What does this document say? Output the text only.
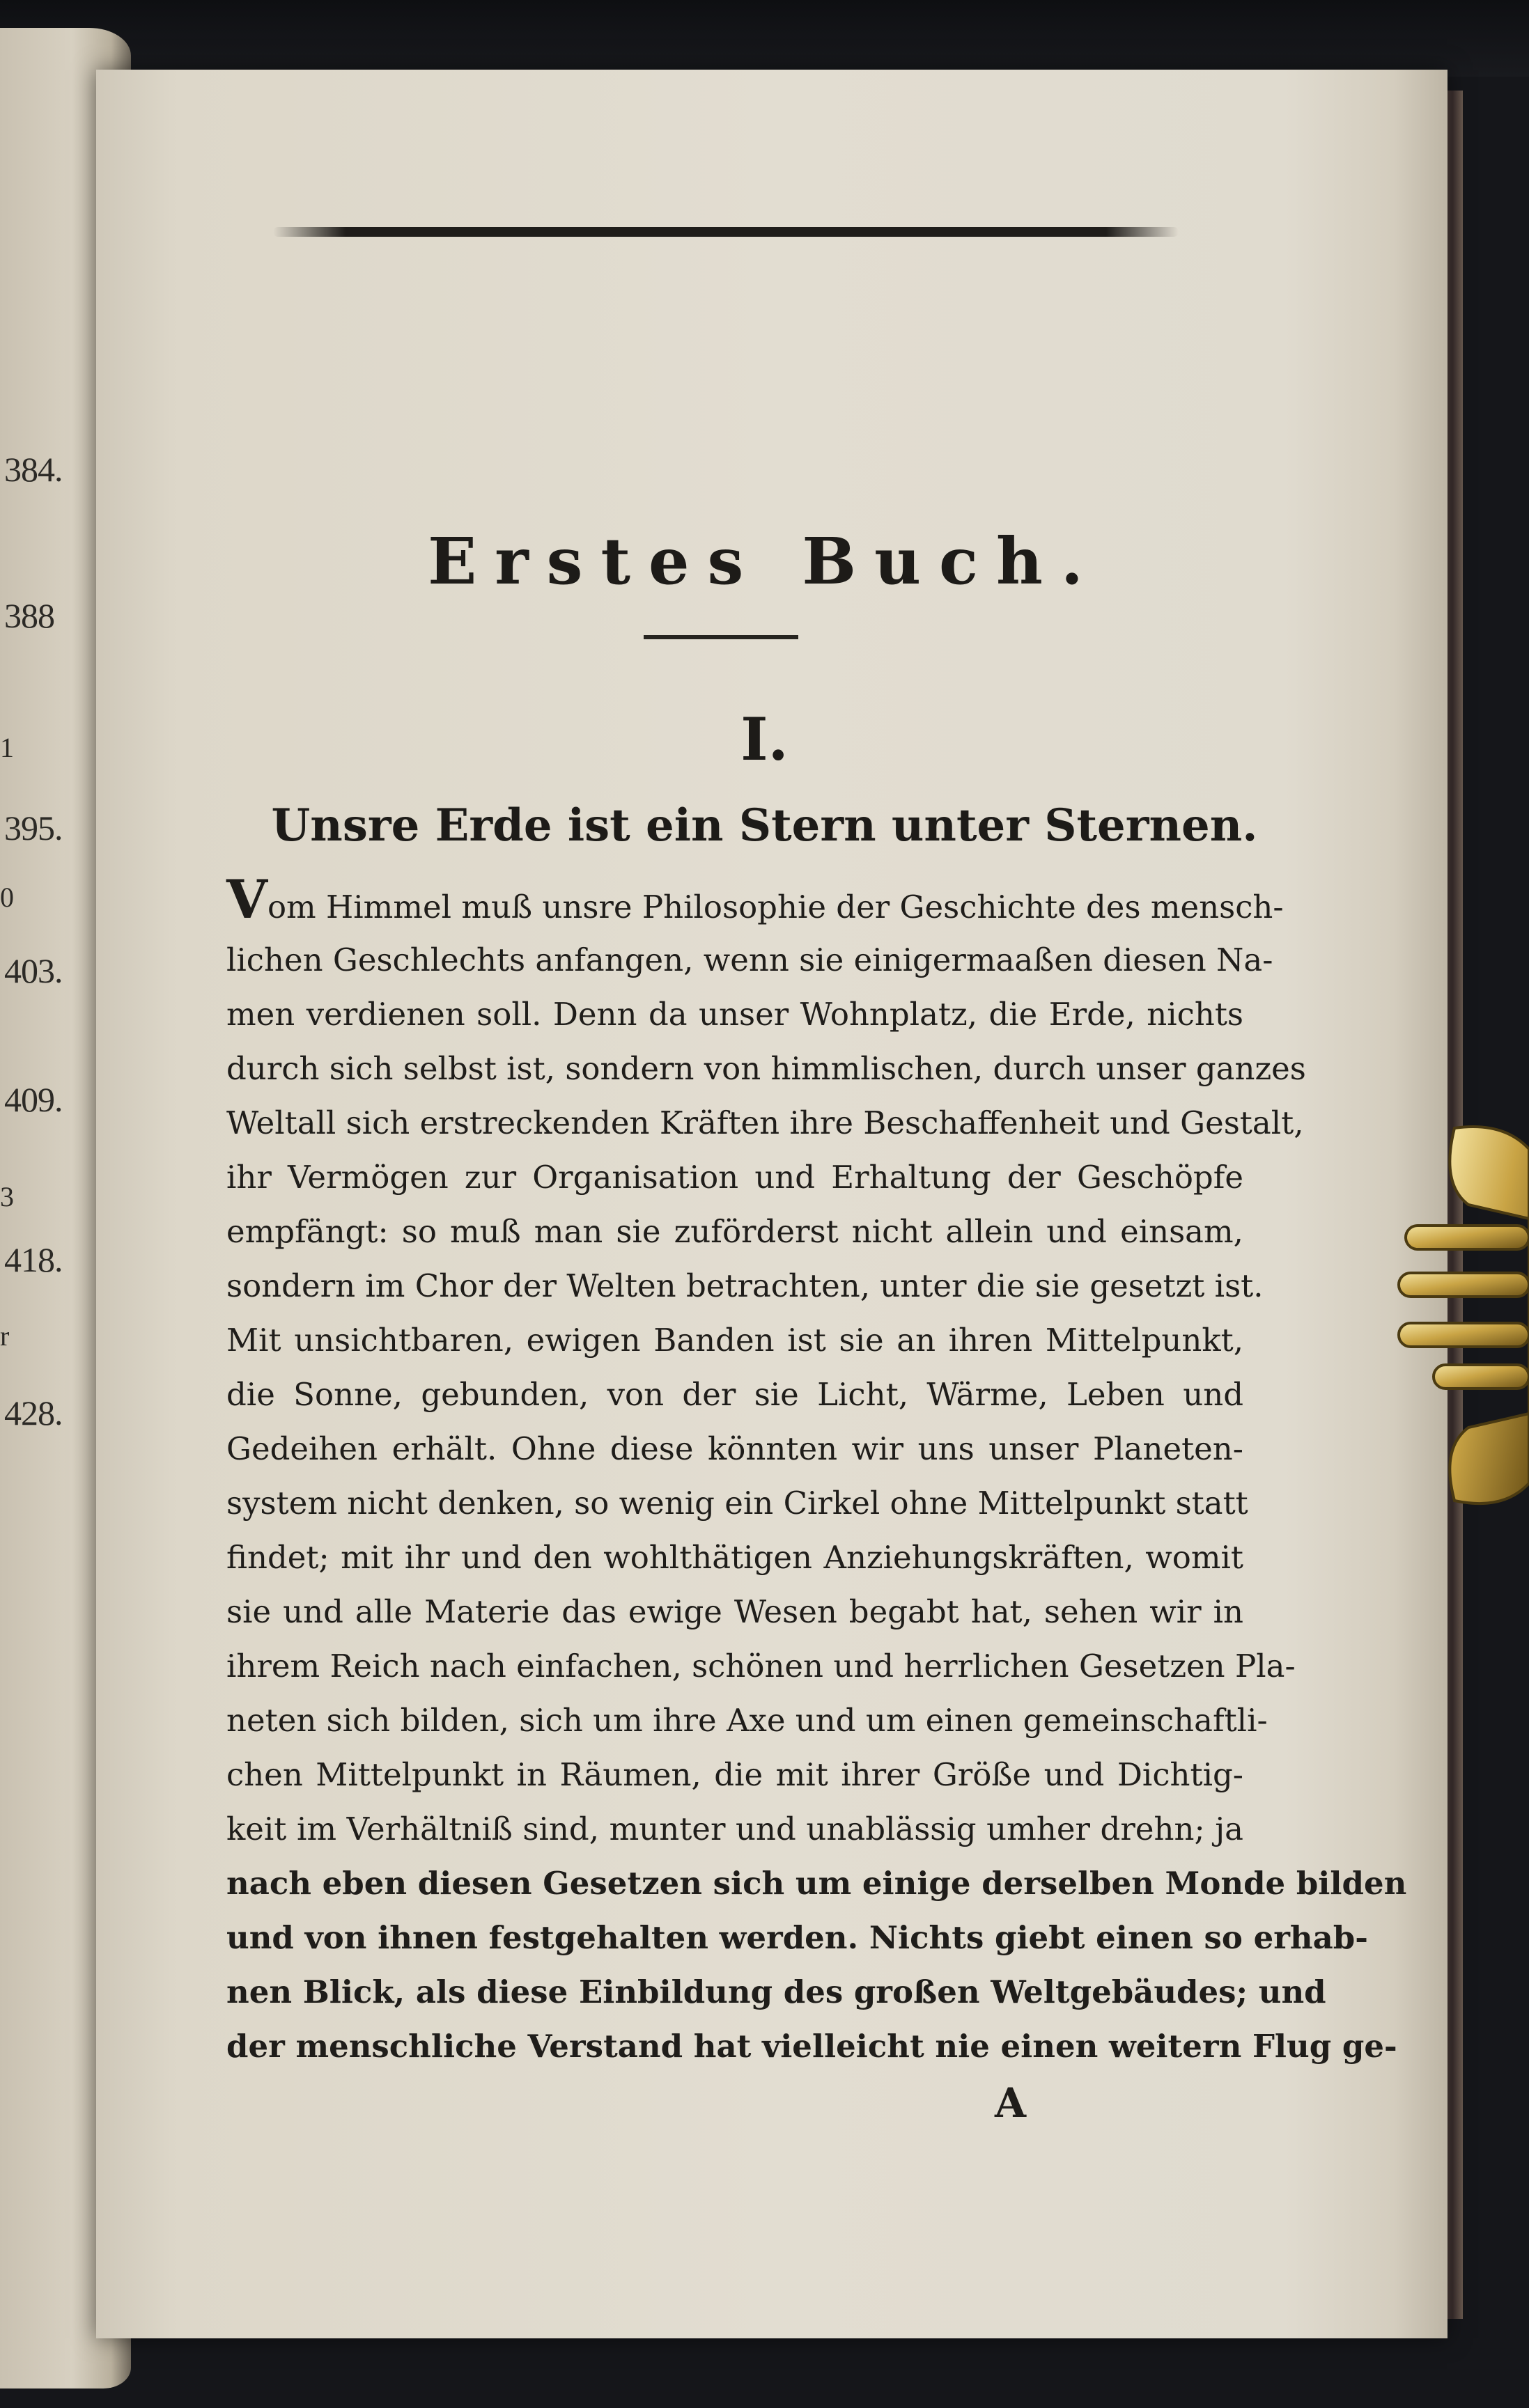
384.
388
1
395.
0
403.
409.
3
418.
r
428.
Erstes Buch.
I.
Unsre Erde ist ein Stern unter Sternen.
Vom Himmel muß unsre Philosophie der Geschichte des mensch-
lichen Geschlechts anfangen, wenn sie einigermaaßen diesen Na-
men verdienen soll. Denn da unser Wohnplatz, die Erde, nichts
durch sich selbst ist, sondern von himmlischen, durch unser ganzes
Weltall sich erstreckenden Kräften ihre Beschaffenheit und Gestalt,
ihr Vermögen zur Organisation und Erhaltung der Geschöpfe
empfängt: so muß man sie zuförderst nicht allein und einsam,
sondern im Chor der Welten betrachten, unter die sie gesetzt ist.
Mit unsichtbaren, ewigen Banden ist sie an ihren Mittelpunkt,
die Sonne, gebunden, von der sie Licht, Wärme, Leben und
Gedeihen erhält. Ohne diese könnten wir uns unser Planeten-
system nicht denken, so wenig ein Cirkel ohne Mittelpunkt statt
findet; mit ihr und den wohlthätigen Anziehungskräften, womit
sie und alle Materie das ewige Wesen begabt hat, sehen wir in
ihrem Reich nach einfachen, schönen und herrlichen Gesetzen Pla-
neten sich bilden, sich um ihre Axe und um einen gemeinschaftli-
chen Mittelpunkt in Räumen, die mit ihrer Größe und Dichtig-
keit im Verhältniß sind, munter und unablässig umher drehn; ja
nach eben diesen Gesetzen sich um einige derselben Monde bilden
und von ihnen festgehalten werden. Nichts giebt einen so erhab-
nen Blick, als diese Einbildung des großen Weltgebäudes; und
der menschliche Verstand hat vielleicht nie einen weitern Flug ge-
A
